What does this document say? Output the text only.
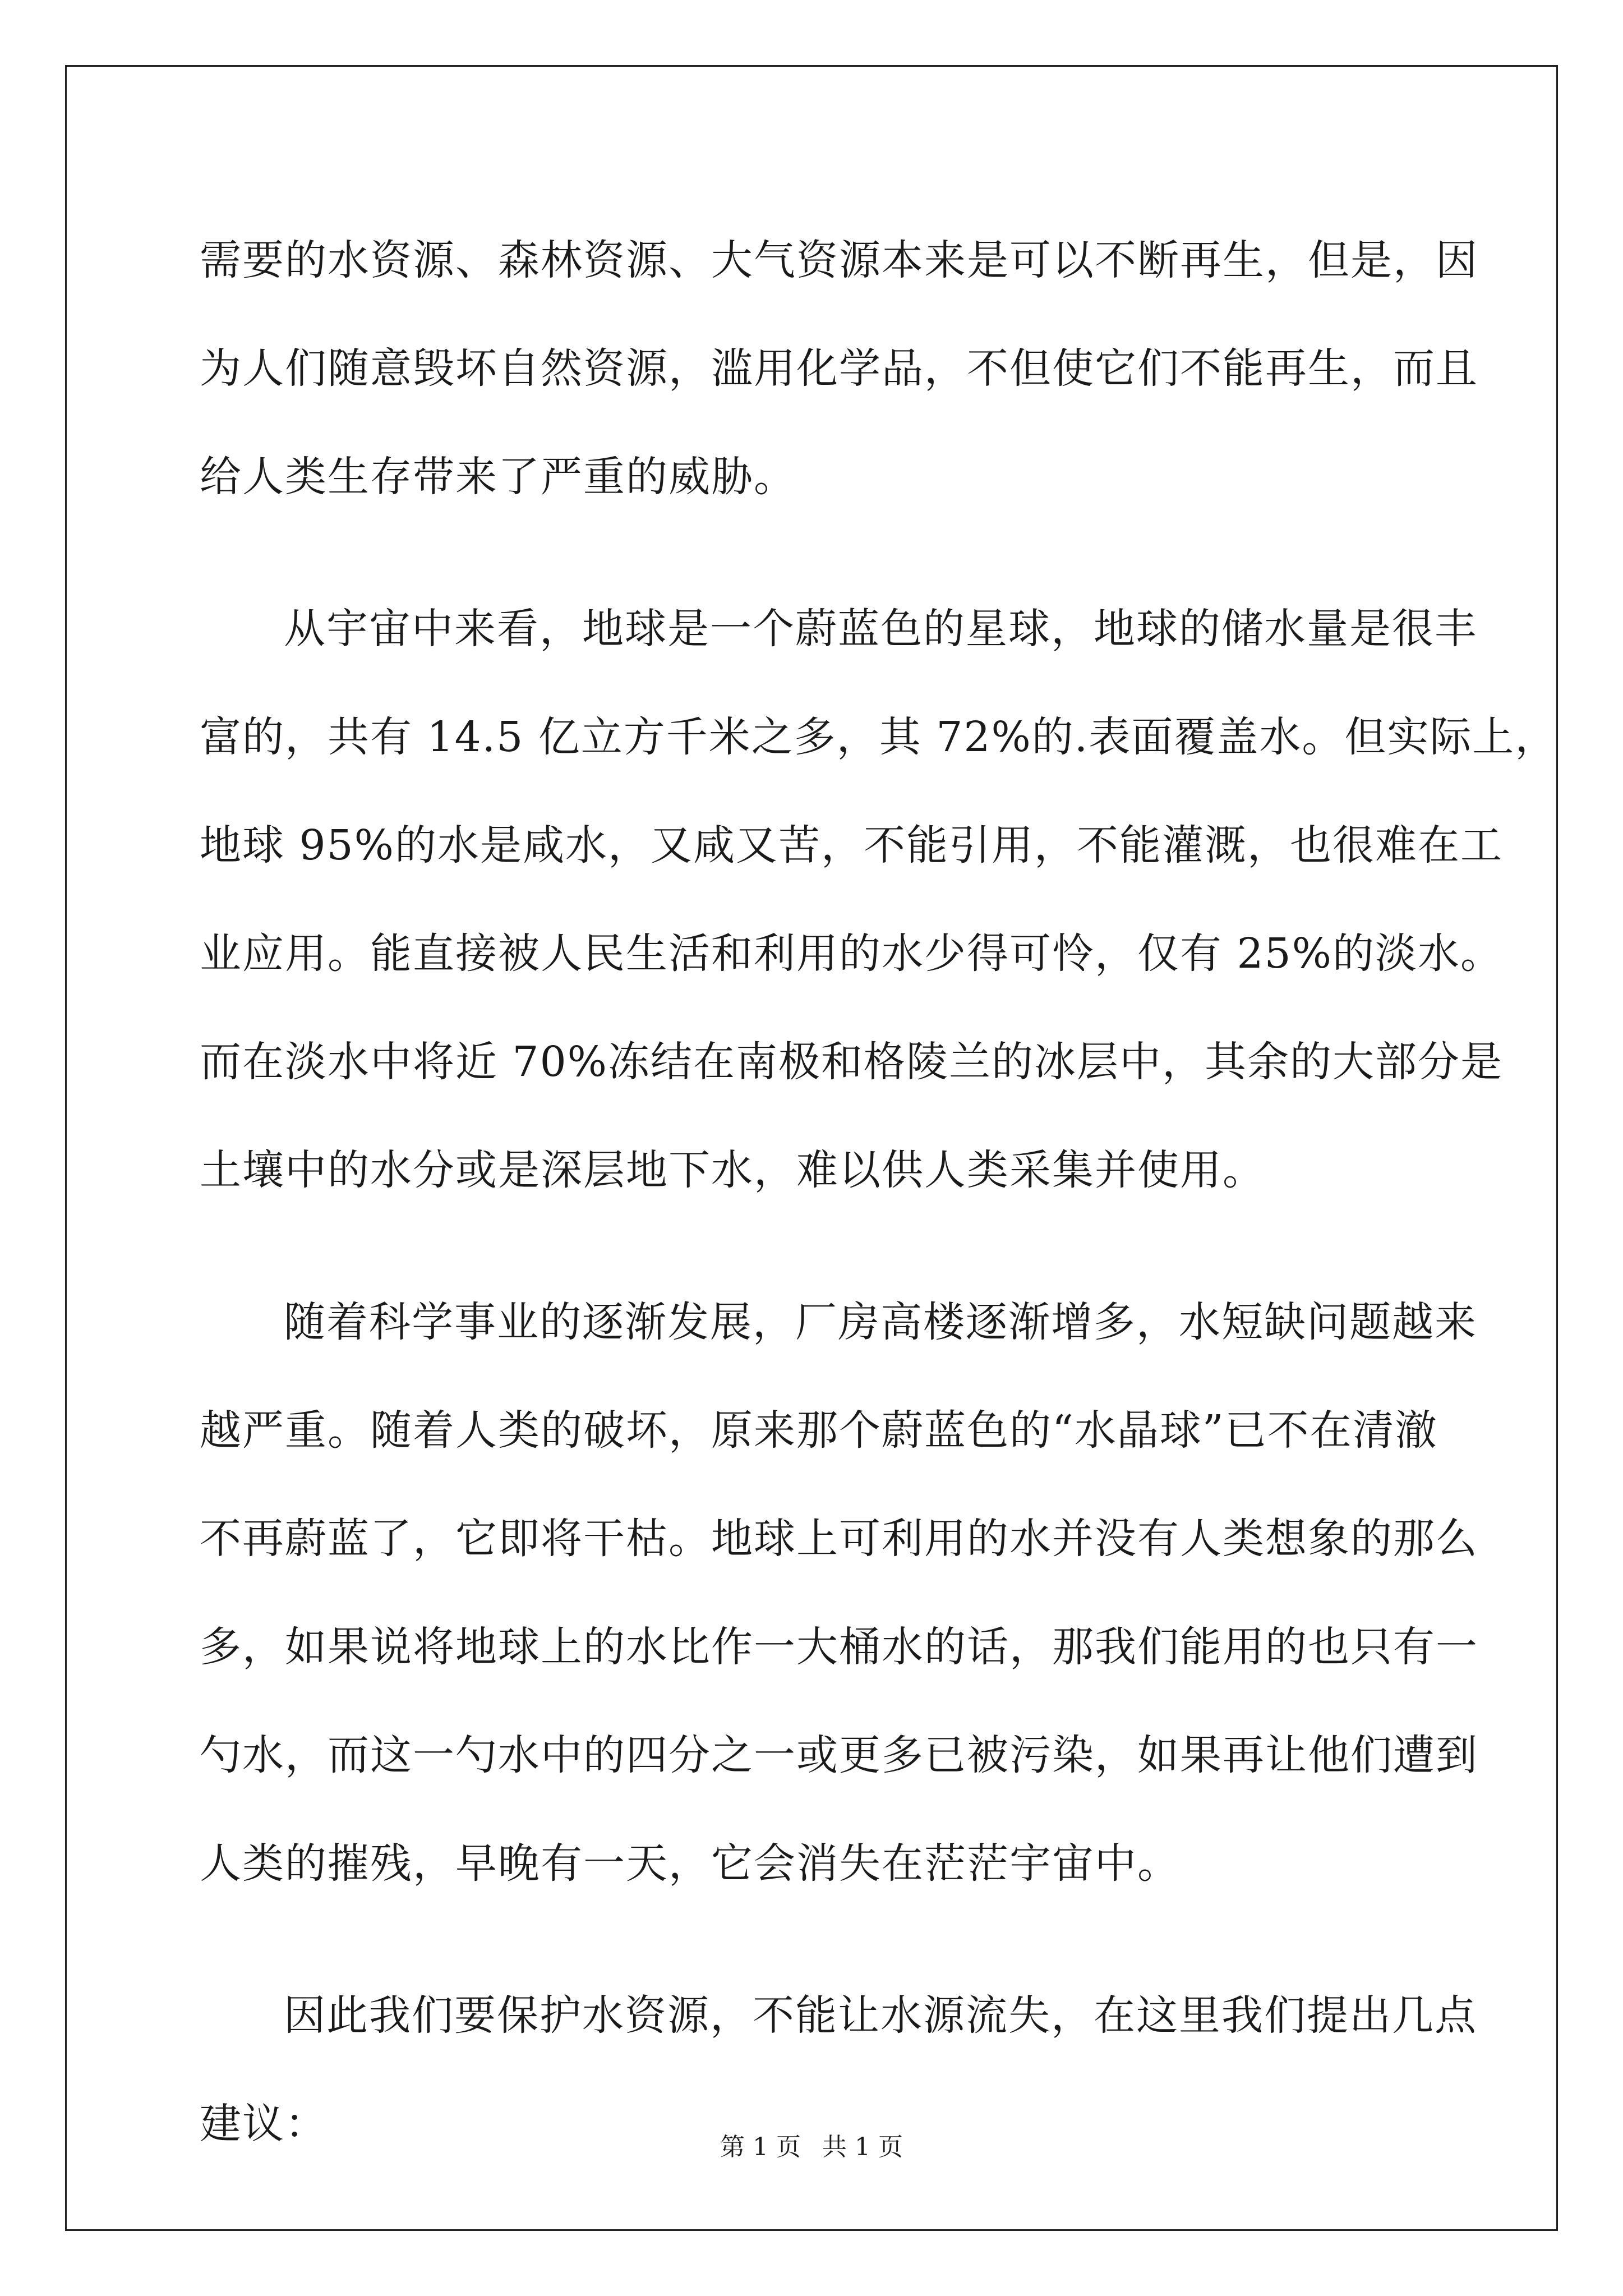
需要的水资源、森林资源、大气资源本来是可以不断再生，但是，因
为人们随意毁坏自然资源，滥用化学品，不但使它们不能再生，而且
给人类生存带来了严重的威胁。

从宇宙中来看，地球是一个蔚蓝色的星球，地球的储水量是很丰
富的，共有 14.5 亿立方千米之多，其 72%的.表面覆盖水。但实际上，
地球 95%的水是咸水，又咸又苦，不能引用，不能灌溉，也很难在工
业应用。能直接被人民生活和利用的水少得可怜，仅有 25%的淡水。
而在淡水中将近 70%冻结在南极和格陵兰的冰层中，其余的大部分是
土壤中的水分或是深层地下水，难以供人类采集并使用。

随着科学事业的逐渐发展，厂房高楼逐渐增多，水短缺问题越来
越严重。随着人类的破坏，原来那个蔚蓝色的“水晶球”已不在清澈
不再蔚蓝了，它即将干枯。地球上可利用的水并没有人类想象的那么
多，如果说将地球上的水比作一大桶水的话，那我们能用的也只有一
勺水，而这一勺水中的四分之一或更多已被污染，如果再让他们遭到
人类的摧残，早晚有一天，它会消失在茫茫宇宙中。

因此我们要保护水资源，不能让水源流失，在这里我们提出几点
建议：	第 1 页 共 1 页
